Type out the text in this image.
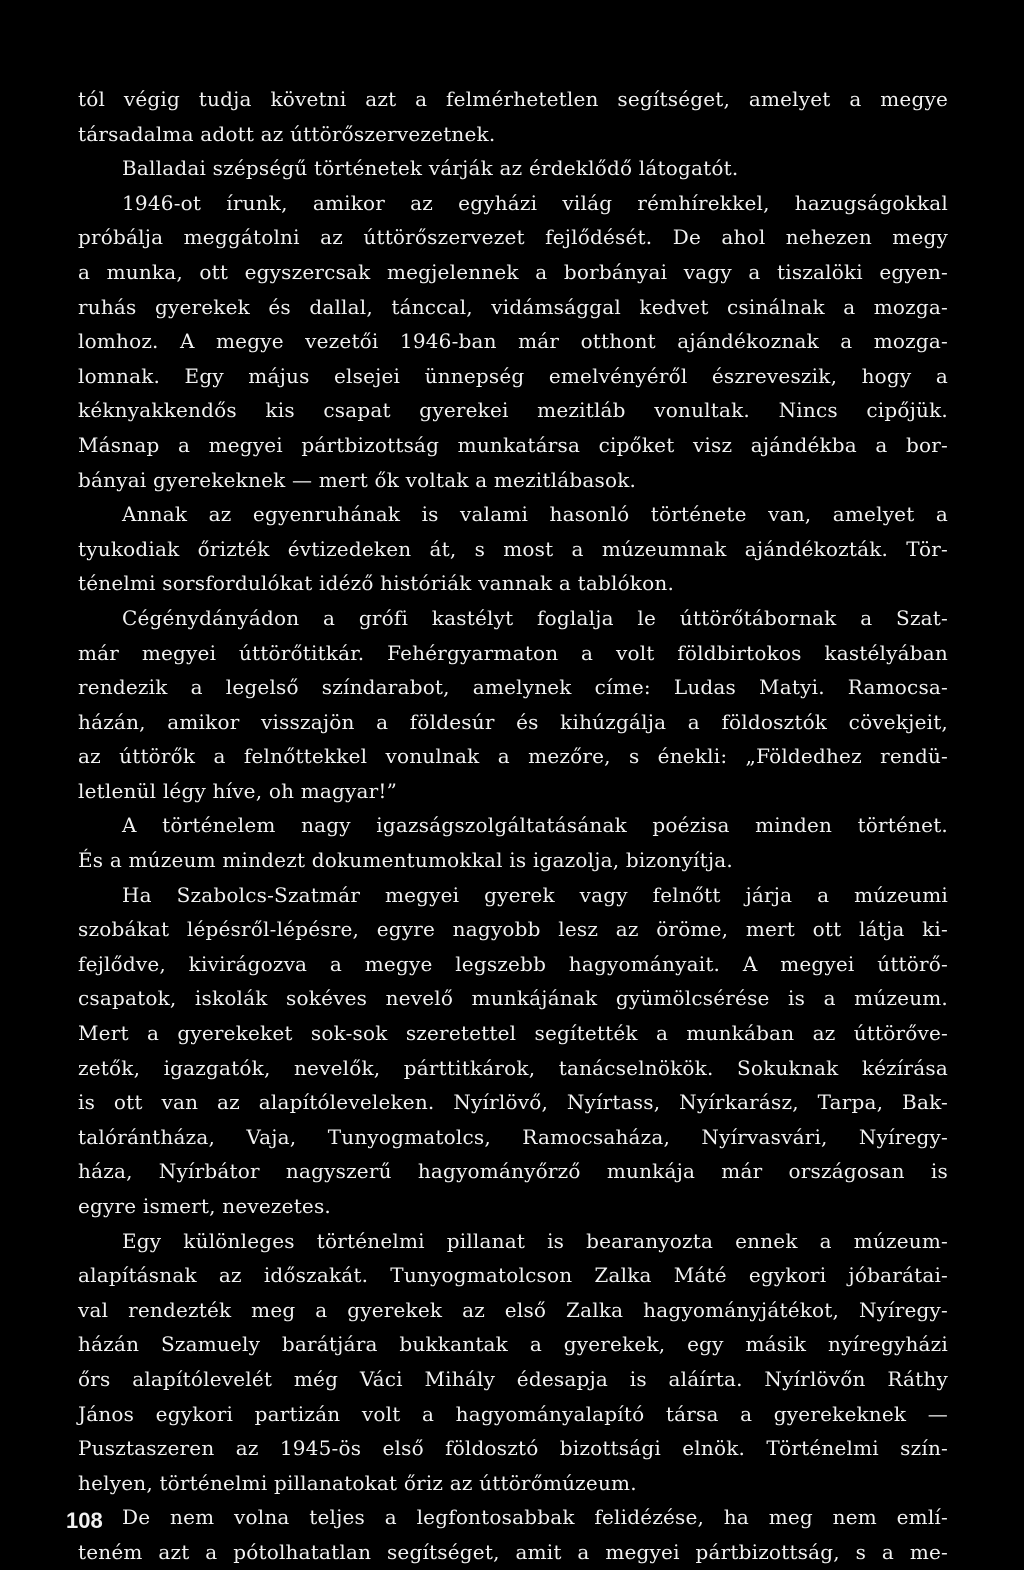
tól végig tudja követni azt a felmérhetetlen segítséget, amelyet a megye
társadalma adott az úttörőszervezetnek.
Balladai szépségű történetek várják az érdeklődő látogatót.
1946-ot írunk, amikor az egyházi világ rémhírekkel, hazugságokkal
próbálja meggátolni az úttörőszervezet fejlődését. De ahol nehezen megy
a munka, ott egyszercsak megjelennek a borbányai vagy a tiszalöki egyen-
ruhás gyerekek és dallal, tánccal, vidámsággal kedvet csinálnak a mozga-
lomhoz. A megye vezetői 1946-ban már otthont ajándékoznak a mozga-
lomnak. Egy május elsejei ünnepség emelvényéről észreveszik, hogy a
kéknyakkendős kis csapat gyerekei mezitláb vonultak. Nincs cipőjük.
Másnap a megyei pártbizottság munkatársa cipőket visz ajándékba a bor-
bányai gyerekeknek — mert ők voltak a mezitlábasok.
Annak az egyenruhának is valami hasonló története van, amelyet a
tyukodiak őrizték évtizedeken át, s most a múzeumnak ajándékozták. Tör-
ténelmi sorsfordulókat idéző históriák vannak a tablókon.
Cégénydányádon a grófi kastélyt foglalja le úttörőtábornak a Szat-
már megyei úttörőtitkár. Fehérgyarmaton a volt földbirtokos kastélyában
rendezik a legelső színdarabot, amelynek címe: Ludas Matyi. Ramocsa-
házán, amikor visszajön a földesúr és kihúzgálja a földosztók cövekjeit,
az úttörők a felnőttekkel vonulnak a mezőre, s énekli: „Földedhez rendü-
letlenül légy híve, oh magyar!”
A történelem nagy igazságszolgáltatásának poézisa minden történet.
És a múzeum mindezt dokumentumokkal is igazolja, bizonyítja.
Ha Szabolcs-Szatmár megyei gyerek vagy felnőtt járja a múzeumi
szobákat lépésről-lépésre, egyre nagyobb lesz az öröme, mert ott látja ki-
fejlődve, kivirágozva a megye legszebb hagyományait. A megyei úttörő-
csapatok, iskolák sokéves nevelő munkájának gyümölcsérése is a múzeum.
Mert a gyerekeket sok-sok szeretettel segítették a munkában az úttörőve-
zetők, igazgatók, nevelők, párttitkárok, tanácselnökök. Sokuknak kézírása
is ott van az alapítóleveleken. Nyírlövő, Nyírtass, Nyírkarász, Tarpa, Bak-
talórántháza, Vaja, Tunyogmatolcs, Ramocsaháza, Nyírvasvári, Nyíregy-
háza, Nyírbátor nagyszerű hagyományőrző munkája már országosan is
egyre ismert, nevezetes.
Egy különleges történelmi pillanat is bearanyozta ennek a múzeum-
alapításnak az időszakát. Tunyogmatolcson Zalka Máté egykori jóbarátai-
val rendezték meg a gyerekek az első Zalka hagyományjátékot, Nyíregy-
házán Szamuely barátjára bukkantak a gyerekek, egy másik nyíregyházi
őrs alapítólevelét még Váci Mihály édesapja is aláírta. Nyírlövőn Ráthy
János egykori partizán volt a hagyományalapító társa a gyerekeknek —
Pusztaszeren az 1945-ös első földosztó bizottsági elnök. Történelmi szín-
helyen, történelmi pillanatokat őriz az úttörőmúzeum.
De nem volna teljes a legfontosabbak felidézése, ha meg nem emlí-
teném azt a pótolhatatlan segítséget, amit a megyei pártbizottság, s a me-
108
